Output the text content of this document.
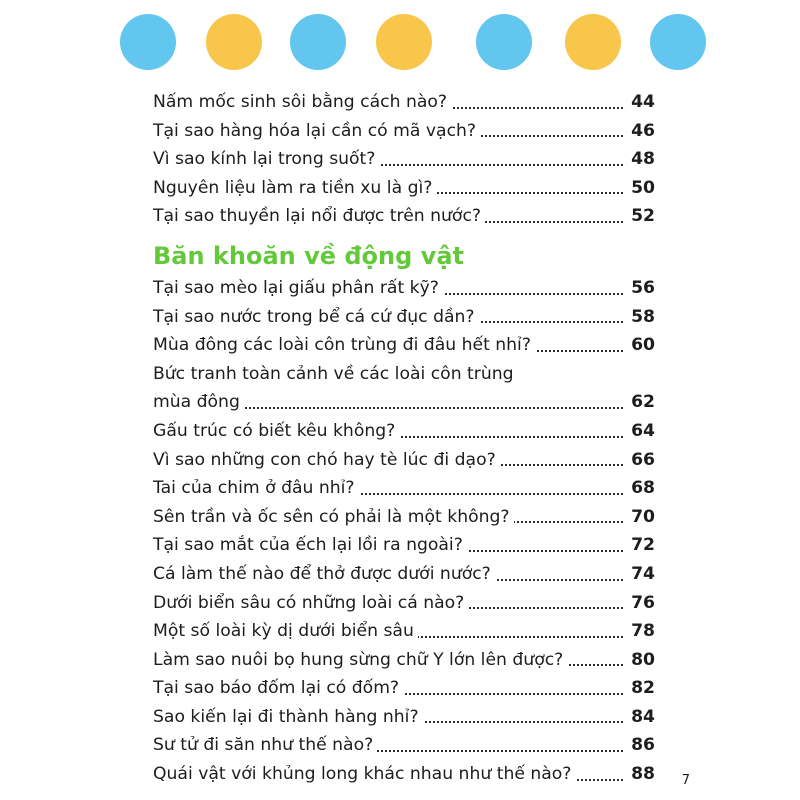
Nấm mốc sinh sôi bằng cách nào?	44
Tại sao hàng hóa lại cần có mã vạch?	46
Vì sao kính lại trong suốt?	48
Nguyên liệu làm ra tiền xu là gì?	50
Tại sao thuyền lại nổi được trên nước?	52
Băn khoăn về động vật
Tại sao mèo lại giấu phân rất kỹ?	56
Tại sao nước trong bể cá cứ đục dần?	58
Mùa đông các loài côn trùng đi đâu hết nhỉ?	60
Bức tranh toàn cảnh về các loài côn trùng
mùa đông	62
Gấu trúc có biết kêu không?	64
Vì sao những con chó hay tè lúc đi dạo?	66
Tai của chim ở đâu nhỉ?	68
Sên trần và ốc sên có phải là một không?	70
Tại sao mắt của ếch lại lồi ra ngoài?	72
Cá làm thế nào để thở được dưới nước?	74
Dưới biển sâu có những loài cá nào?	76
Một số loài kỳ dị dưới biển sâu	78
Làm sao nuôi bọ hung sừng chữ Y lớn lên được?	80
Tại sao báo đốm lại có đốm?	82
Sao kiến lại đi thành hàng nhỉ?	84
Sư tử đi săn như thế nào?	86
Quái vật với khủng long khác nhau như thế nào?	88 7
